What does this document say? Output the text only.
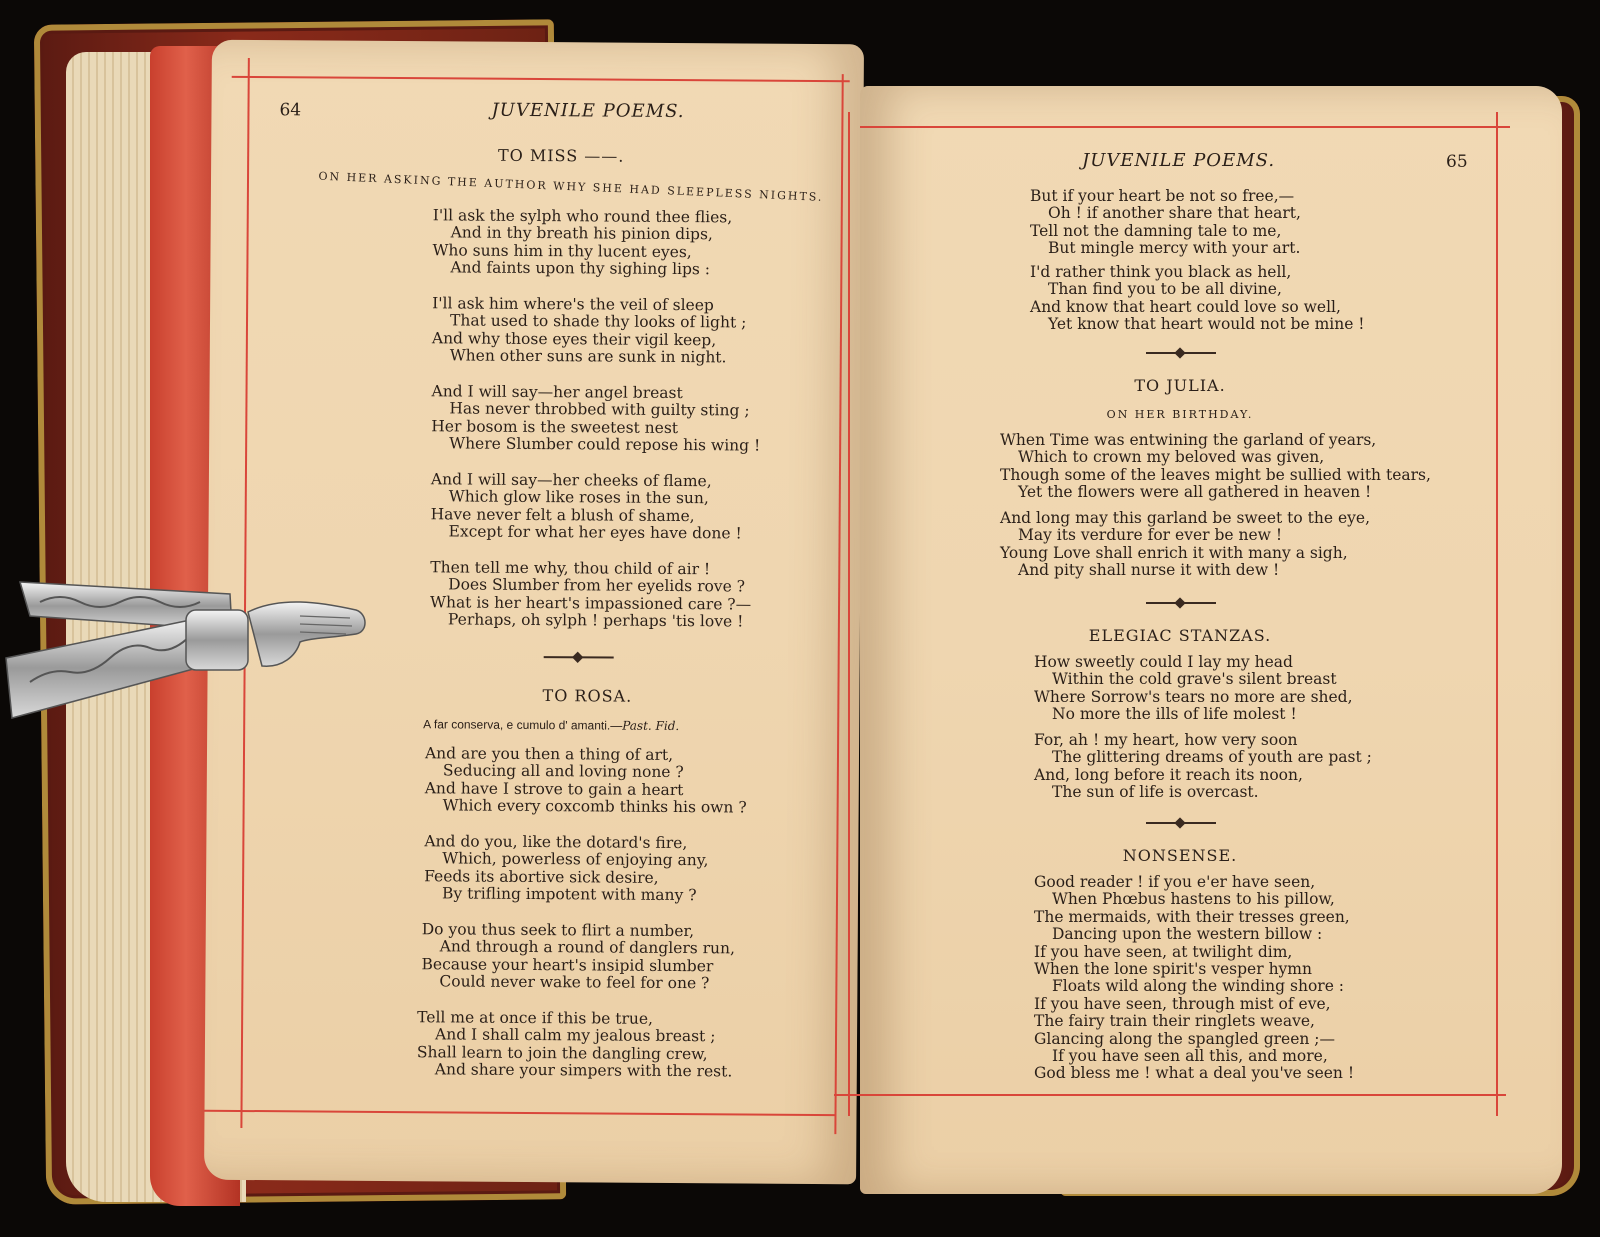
64	JUVENILE POEMS.
TO MISS ——.
ON HER ASKING THE AUTHOR WHY SHE HAD SLEEPLESS NIGHTS.
I'll ask the sylph who round thee flies,
And in thy breath his pinion dips,
Who suns him in thy lucent eyes,
And faints upon thy sighing lips :
I'll ask him where's the veil of sleep
That used to shade thy looks of light ;
And why those eyes their vigil keep,
When other suns are sunk in night.
And I will say—her angel breast
Has never throbbed with guilty sting ;
Her bosom is the sweetest nest
Where Slumber could repose his wing !
And I will say—her cheeks of flame,
Which glow like roses in the sun,
Have never felt a blush of shame,
Except for what her eyes have done !
Then tell me why, thou child of air !
Does Slumber from her eyelids rove ?
What is her heart's impassioned care ?—
Perhaps, oh sylph ! perhaps 'tis love !
TO ROSA.
A far conserva, e cumulo d' amanti.—Past. Fid.
And are you then a thing of art,
Seducing all and loving none ?
And have I strove to gain a heart
Which every coxcomb thinks his own ?
And do you, like the dotard's fire,
Which, powerless of enjoying any,
Feeds its abortive sick desire,
By trifling impotent with many ?
Do you thus seek to flirt a number,
And through a round of danglers run,
Because your heart's insipid slumber
Could never wake to feel for one ?
Tell me at once if this be true,
And I shall calm my jealous breast ;
Shall learn to join the dangling crew,
And share your simpers with the rest.
JUVENILE POEMS.	65
But if your heart be not so free,—
Oh ! if another share that heart,
Tell not the damning tale to me,
But mingle mercy with your art.
I'd rather think you black as hell,
Than find you to be all divine,
And know that heart could love so well,
Yet know that heart would not be mine !
TO JULIA.
ON HER BIRTHDAY.
When Time was entwining the garland of years,
Which to crown my beloved was given,
Though some of the leaves might be sullied with tears,
Yet the flowers were all gathered in heaven !
And long may this garland be sweet to the eye,
May its verdure for ever be new !
Young Love shall enrich it with many a sigh,
And pity shall nurse it with dew !
ELEGIAC STANZAS.
How sweetly could I lay my head
Within the cold grave's silent breast
Where Sorrow's tears no more are shed,
No more the ills of life molest !
For, ah ! my heart, how very soon
The glittering dreams of youth are past ;
And, long before it reach its noon,
The sun of life is overcast.
NONSENSE.
Good reader ! if you e'er have seen,
When Phœbus hastens to his pillow,
The mermaids, with their tresses green,
Dancing upon the western billow :
If you have seen, at twilight dim,
When the lone spirit's vesper hymn
Floats wild along the winding shore :
If you have seen, through mist of eve,
The fairy train their ringlets weave,
Glancing along the spangled green ;—
If you have seen all this, and more,
God bless me ! what a deal you've seen !
